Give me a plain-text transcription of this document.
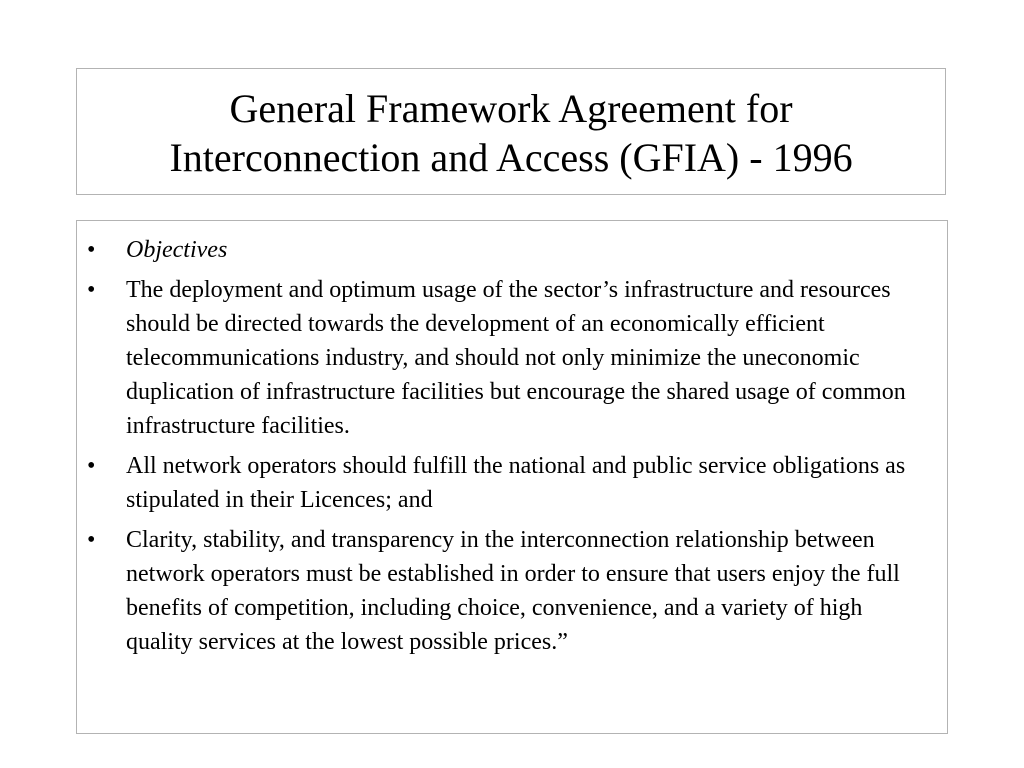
General Framework Agreement for
Interconnection and Access (GFIA) - 1996
•	Objectives
•	The deployment and optimum usage of the sector’s infrastructure and resources should be directed towards the development of an economically efficient telecommunications industry, and should not only minimize the uneconomic duplication of infrastructure facilities but encourage the shared usage of common infrastructure facilities.
•	All network operators should fulfill the national and public service obligations as stipulated in their Licences; and
•	Clarity, stability, and transparency in the interconnection relationship between network operators must be established in order to ensure that users enjoy the full benefits of competition, including choice, convenience, and a variety of high quality services at the lowest possible prices.”
